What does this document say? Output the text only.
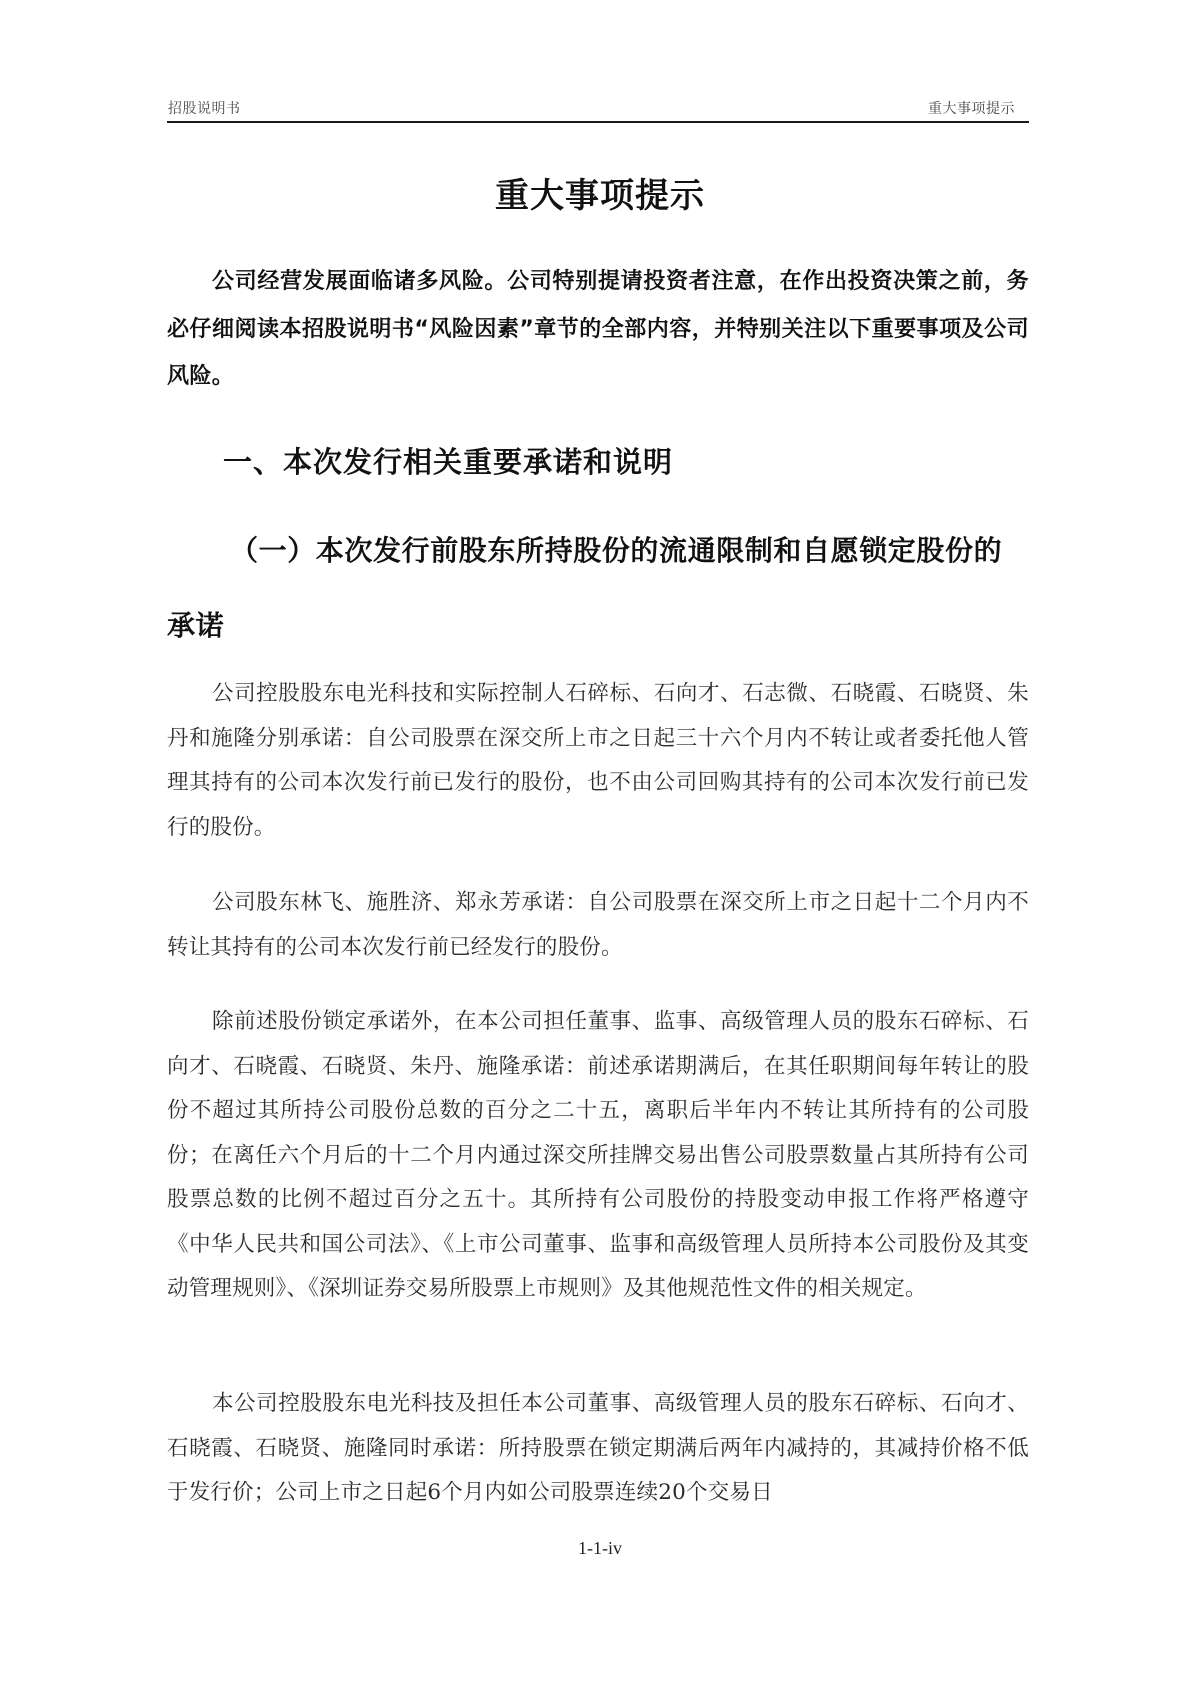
招股说明书	重大事项提示
重大事项提示
公司经营发展面临诸多风险。公司特别提请投资者注意，在作出投资决策之前，务必仔细阅读本招股说明书“风险因素”章节的全部内容，并特别关注以下重要事项及公司风险。
一、本次发行相关重要承诺和说明
（一）本次发行前股东所持股份的流通限制和自愿锁定股份的承诺
公司控股股东电光科技和实际控制人石碎标、石向才、石志微、石晓霞、石晓贤、朱丹和施隆分别承诺：自公司股票在深交所上市之日起三十六个月内不转让或者委托他人管理其持有的公司本次发行前已发行的股份，也不由公司回购其持有的公司本次发行前已发行的股份。
公司股东林飞、施胜济、郑永芳承诺：自公司股票在深交所上市之日起十二个月内不转让其持有的公司本次发行前已经发行的股份。
除前述股份锁定承诺外，在本公司担任董事、监事、高级管理人员的股东石碎标、石向才、石晓霞、石晓贤、朱丹、施隆承诺：前述承诺期满后，在其任职期间每年转让的股份不超过其所持公司股份总数的百分之二十五，离职后半年内不转让其所持有的公司股份；在离任六个月后的十二个月内通过深交所挂牌交易出售公司股票数量占其所持有公司股票总数的比例不超过百分之五十。其所持有公司股份的持股变动申报工作将严格遵守《中华人民共和国公司法》、《上市公司董事、监事和高级管理人员所持本公司股份及其变动管理规则》、《深圳证券交易所股票上市规则》及其他规范性文件的相关规定。
本公司控股股东电光科技及担任本公司董事、高级管理人员的股东石碎标、石向才、石晓霞、石晓贤、施隆同时承诺：所持股票在锁定期满后两年内减持的，其减持价格不低于发行价；公司上市之日起6个月内如公司股票连续20个交易日
1-1-iv
